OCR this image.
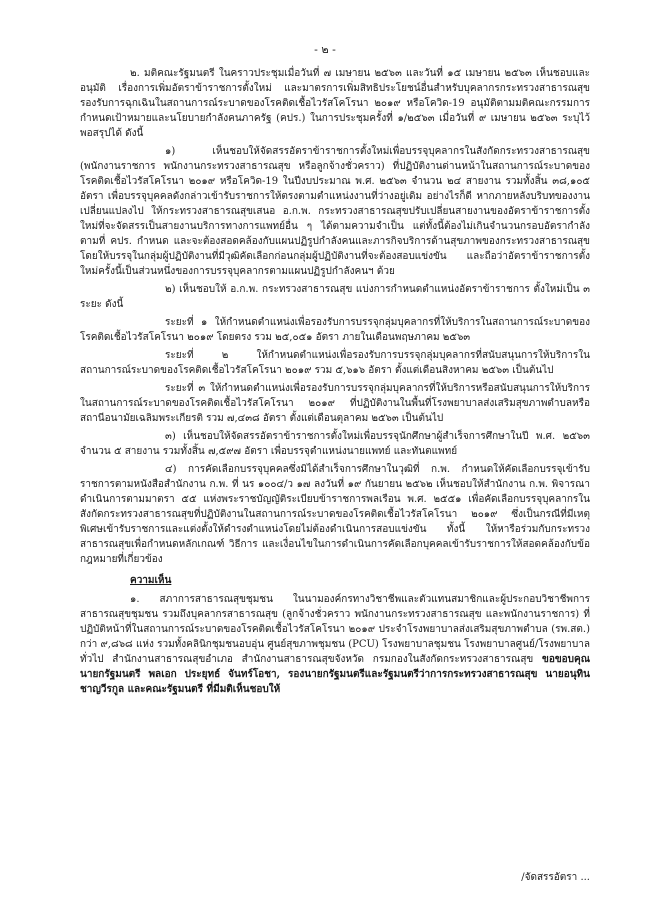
- ๒ -

๒. มติคณะรัฐมนตรี ในคราวประชุมเมื่อวันที่ ๗ เมษายน ๒๕๖๓ และวันที่ ๑๕ เมษายน ๒๕๖๓ เห็นชอบและอนุมัติ เรื่องการเพิ่มอัตราข้าราชการตั้งใหม่ และมาตรการเพิ่มสิทธิประโยชน์อื่นสำหรับบุคลากรกระทรวงสาธารณสุขรองรับการฉุกเฉินในสถานการณ์ระบาดของโรคติดเชื้อไวรัสโคโรนา ๒๐๑๙ หรือโควิด-19 อนุมัติตามมติคณะกรรมการกำหนดเป้าหมายและนโยบายกำลังคนภาครัฐ (คปร.) ในการประชุมครั้งที่ ๑/๒๕๖๓ เมื่อวันที่ ๙ เมษายน ๒๕๖๓ ระบุไว้พอสรุปได้ ดังนี้

๑) เห็นชอบให้จัดสรรอัตราข้าราชการตั้งใหม่เพื่อบรรจุบุคลากรในสังกัดกระทรวงสาธารณสุข (พนักงานราชการ พนักงานกระทรวงสาธารณสุข หรือลูกจ้างชั่วคราว) ที่ปฏิบัติงานด่านหน้าในสถานการณ์ระบาดของโรคติดเชื้อไวรัสโคโรนา ๒๐๑๙ หรือโควิด-19 ในปีงบประมาณ พ.ศ. ๒๕๖๓ จำนวน ๒๔ สายงาน รวมทั้งสิ้น ๓๘,๑๐๕ อัตรา เพื่อบรรจุบุคคลดังกล่าวเข้ารับราชการให้ตรงตามตำแหน่งงานที่ว่างอยู่เดิม อย่างไรก็ดี หากภายหลังบริบทของงานเปลี่ยนแปลงไป ให้กระทรวงสาธารณสุขเสนอ อ.ก.พ. กระทรวงสาธารณสุขปรับเปลี่ยนสายงานของอัตราข้าราชการตั้งใหม่ที่จะจัดสรรเป็นสายงานบริการทางการแพทย์อื่น ๆ ได้ตามความจำเป็น แต่ทั้งนี้ต้องไม่เกินจำนวนกรอบอัตรากำลังตามที่ คปร. กำหนด และจะต้องสอดคล้องกับแผนปฏิรูปกำลังคนและภารกิจบริการด้านสุขภาพของกระทรวงสาธารณสุข โดยให้บรรจุในกลุ่มผู้ปฏิบัติงานที่มีวุฒิคัดเลือกก่อนกลุ่มผู้ปฏิบัติงานที่จะต้องสอบแข่งขัน และถือว่าอัตราข้าราชการตั้งใหม่ครั้งนี้เป็นส่วนหนึ่งของการบรรจุบุคลากรตามแผนปฏิรูปกำลังคนฯ ด้วย

๒) เห็นชอบให้ อ.ก.พ. กระทรวงสาธารณสุข แบ่งการกำหนดตำแหน่งอัตราข้าราชการ ตั้งใหม่เป็น ๓ ระยะ ดังนี้

ระยะที่ ๑ ให้กำหนดตำแหน่งเพื่อรองรับการบรรจุกลุ่มบุคลากรที่ให้บริการในสถานการณ์ระบาดของโรคติดเชื้อไวรัสโคโรนา ๒๐๑๙ โดยตรง รวม ๒๕,๐๕๑ อัตรา ภายในเดือนพฤษภาคม ๒๕๖๓

ระยะที่ ๒ ให้กำหนดตำแหน่งเพื่อรองรับการบรรจุกลุ่มบุคลากรที่สนับสนุนการให้บริการในสถานการณ์ระบาดของโรคติดเชื้อไวรัสโคโรนา ๒๐๑๙ รวม ๕,๖๑๖ อัตรา ตั้งแต่เดือนสิงหาคม ๒๕๖๓ เป็นต้นไป

ระยะที่ ๓ ให้กำหนดตำแหน่งเพื่อรองรับการบรรจุกลุ่มบุคลากรที่ให้บริการหรือสนับสนุนการให้บริการในสถานการณ์ระบาดของโรคติดเชื้อไวรัสโคโรนา ๒๐๑๙ ที่ปฏิบัติงานในพื้นที่โรงพยาบาลส่งเสริมสุขภาพตำบลหรือสถานีอนามัยเฉลิมพระเกียรติ รวม ๗,๔๓๘ อัตรา ตั้งแต่เดือนตุลาคม ๒๕๖๓ เป็นต้นไป

๓) เห็นชอบให้จัดสรรอัตราข้าราชการตั้งใหม่เพื่อบรรจุนักศึกษาผู้สำเร็จการศึกษาในปี พ.ศ. ๒๕๖๓ จำนวน ๕ สายงาน รวมทั้งสิ้น ๗,๕๙๗ อัตรา เพื่อบรรจุตำแหน่งนายแพทย์ และทันตแพทย์

๔) การคัดเลือกบรรจุบุคคลซึ่งมิได้สำเร็จการศึกษาในวุฒิที่ ก.พ. กำหนดให้คัดเลือกบรรจุเข้ารับราชการตามหนังสือสำนักงาน ก.พ. ที่ นร ๑๐๐๔/ว ๑๗ ลงวันที่ ๑๙ กันยายน ๒๕๖๒ เห็นชอบให้สำนักงาน ก.พ. พิจารณาดำเนินการตามมาตรา ๕๕ แห่งพระราชบัญญัติระเบียบข้าราชการพลเรือน พ.ศ. ๒๕๕๑ เพื่อคัดเลือกบรรจุบุคลากรในสังกัดกระทรวงสาธารณสุขที่ปฏิบัติงานในสถานการณ์ระบาดของโรคติดเชื้อไวรัสโคโรนา ๒๐๑๙ ซึ่งเป็นกรณีที่มีเหตุพิเศษเข้ารับราชการและแต่งตั้งให้ดำรงตำแหน่งโดยไม่ต้องดำเนินการสอบแข่งขัน ทั้งนี้ ให้หารือร่วมกับกระทรวงสาธารณสุขเพื่อกำหนดหลักเกณฑ์ วิธีการ และเงื่อนไขในการดำเนินการคัดเลือกบุคคลเข้ารับราชการให้สอดคล้องกับข้อกฎหมายที่เกี่ยวข้อง

ความเห็น

๑. สภาการสาธารณสุขชุมชน ในนามองค์กรทางวิชาชีพและตัวแทนสมาชิกและผู้ประกอบวิชาชีพการสาธารณสุขชุมชน รวมถึงบุคลากรสาธารณสุข (ลูกจ้างชั่วคราว พนักงานกระทรวงสาธารณสุข และพนักงานราชการ) ที่ปฏิบัติหน้าที่ในสถานการณ์ระบาดของโรคติดเชื้อไวรัสโคโรนา ๒๐๑๙ ประจำโรงพยาบาลส่งเสริมสุขภาพตำบล (รพ.สต.) กว่า ๙,๘๖๘ แห่ง รวมทั้งคลินิกชุมชนอบอุ่น ศูนย์สุขภาพชุมชน (PCU) โรงพยาบาลชุมชน โรงพยาบาลศูนย์/โรงพยาบาลทั่วไป สำนักงานสาธารณสุขอำเภอ สำนักงานสาธารณสุขจังหวัด กรมกองในสังกัดกระทรวงสาธารณสุข ขอขอบคุณ นายกรัฐมนตรี พลเอก ประยุทธ์ จันทร์โอชา, รองนายกรัฐมนตรีและรัฐมนตรีว่าการกระทรวงสาธารณสุข นายอนุทิน ชาญวีรกูล และคณะรัฐมนตรี ที่มีมติเห็นชอบให้

/จัดสรรอัตรา ...
